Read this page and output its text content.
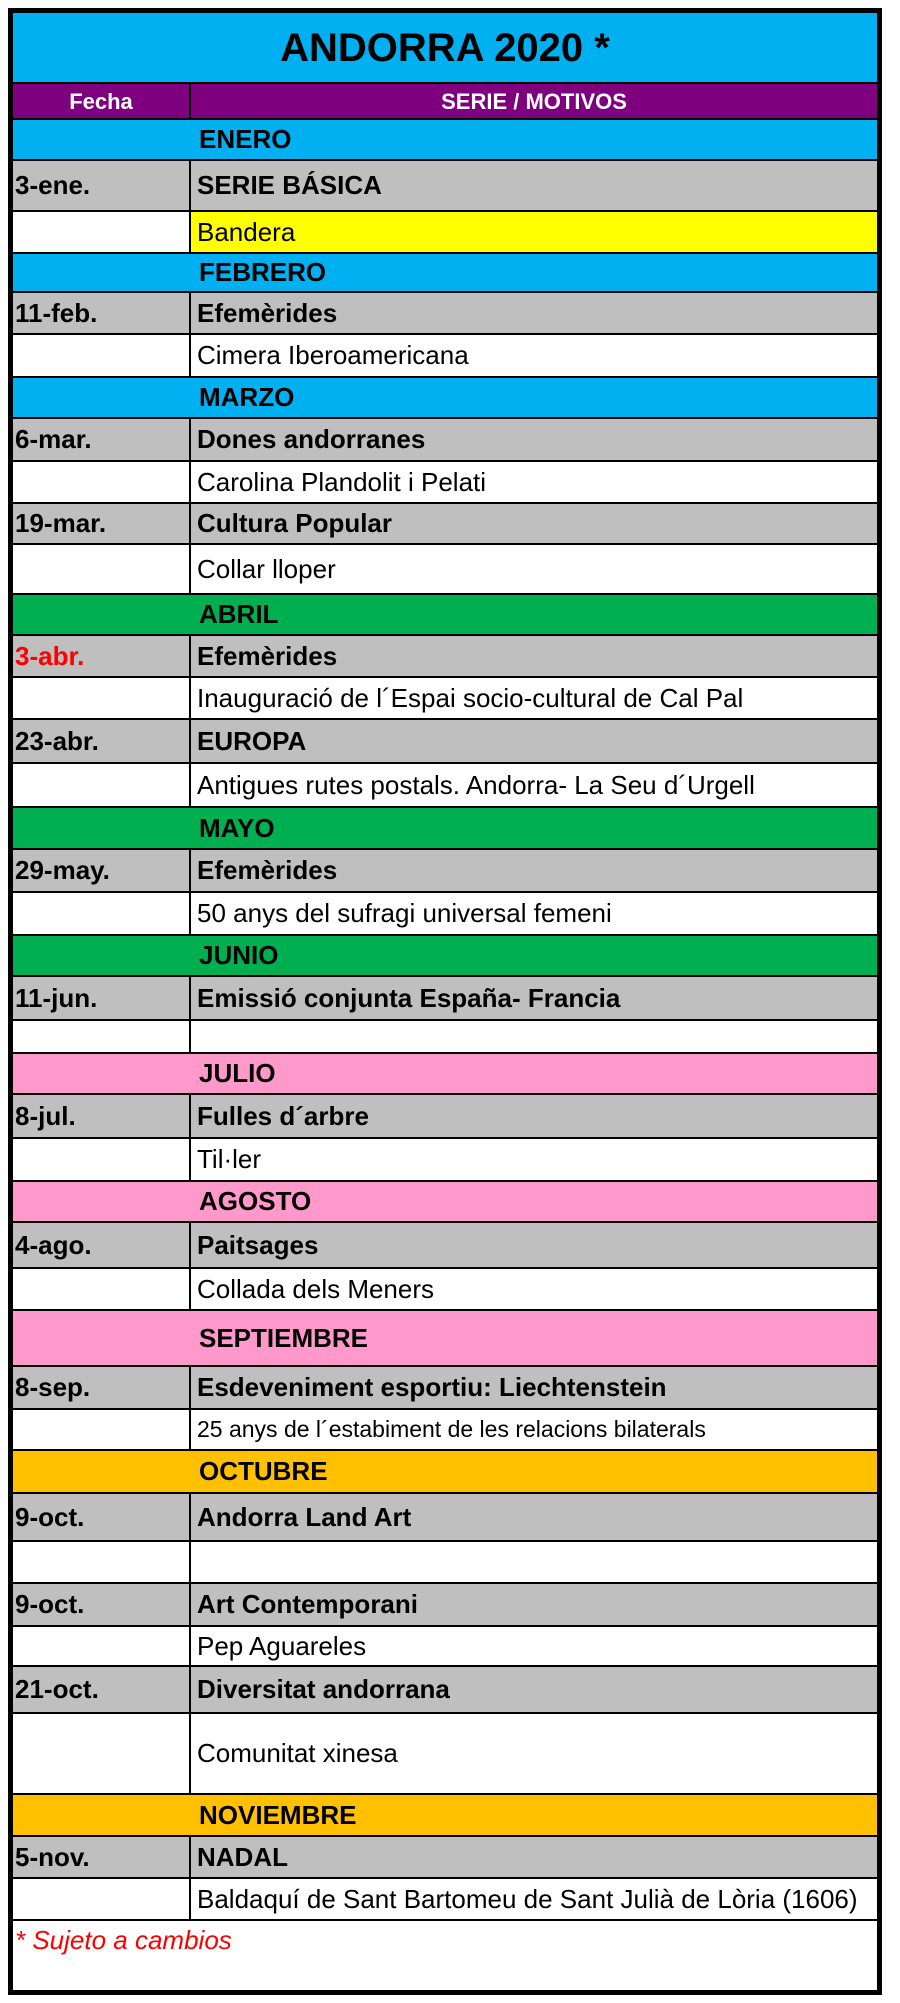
ANDORRA 2020 *
Fecha	SERIE / MOTIVOS
ENERO
3-ene.	SERIE BÁSICA
Bandera
FEBRERO
11-feb.	Efemèrides
Cimera Iberoamericana
MARZO
6-mar.	Dones andorranes
Carolina Plandolit i Pelati
19-mar.	Cultura Popular
Collar lloper
ABRIL
3-abr.	Efemèrides
Inauguració de l´Espai socio-cultural de Cal Pal
23-abr.	EUROPA
Antigues rutes postals. Andorra- La Seu d´Urgell
MAYO
29-may.	Efemèrides
50 anys del sufragi universal femeni
JUNIO
11-jun.	Emissió conjunta España- Francia
JULIO
8-jul.	Fulles d´arbre
Til·ler
AGOSTO
4-ago.	Paitsages
Collada dels Meners
SEPTIEMBRE
8-sep.	Esdeveniment esportiu: Liechtenstein
25 anys de l´estabiment de les relacions bilaterals
OCTUBRE
9-oct.	Andorra Land Art
9-oct.	Art Contemporani
Pep Aguareles
21-oct.	Diversitat andorrana
Comunitat xinesa
NOVIEMBRE
5-nov.	NADAL
Baldaquí de Sant Bartomeu de Sant Julià de Lòria (1606)
* Sujeto a cambios
